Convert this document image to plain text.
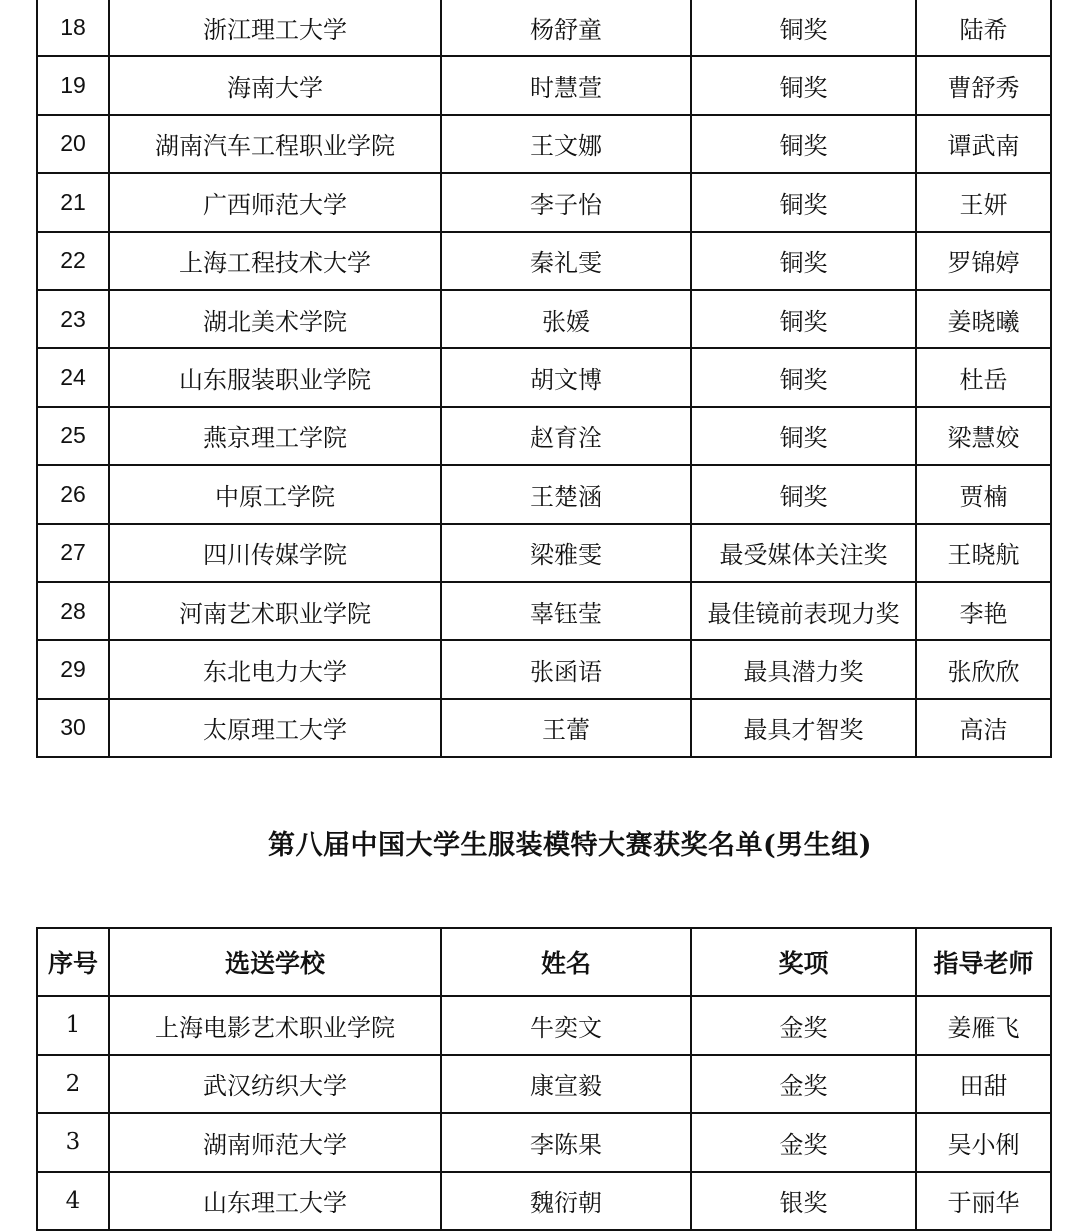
18	浙江理工大学	杨舒童	铜奖	陆希
19	海南大学	时慧萱	铜奖	曹舒秀
20	湖南汽车工程职业学院	王文娜	铜奖	谭武南
21	广西师范大学	李子怡	铜奖	王妍
22	上海工程技术大学	秦礼雯	铜奖	罗锦婷
23	湖北美术学院	张媛	铜奖	姜晓曦
24	山东服装职业学院	胡文博	铜奖	杜岳
25	燕京理工学院	赵育洤	铜奖	梁慧姣
26	中原工学院	王楚涵	铜奖	贾楠
27	四川传媒学院	梁雅雯	最受媒体关注奖	王晓航
28	河南艺术职业学院	辜钰莹	最佳镜前表现力奖	李艳
29	东北电力大学	张函语	最具潜力奖	张欣欣
30	太原理工大学	王蕾	最具才智奖	高洁
第八届中国大学生服装模特大赛获奖名单(男生组)
序号	选送学校	姓名	奖项	指导老师
1	上海电影艺术职业学院	牛奕文	金奖	姜雁飞
2	武汉纺织大学	康宣毅	金奖	田甜
3	湖南师范大学	李陈果	金奖	吴小俐
4	山东理工大学	魏衍朝	银奖	于丽华
